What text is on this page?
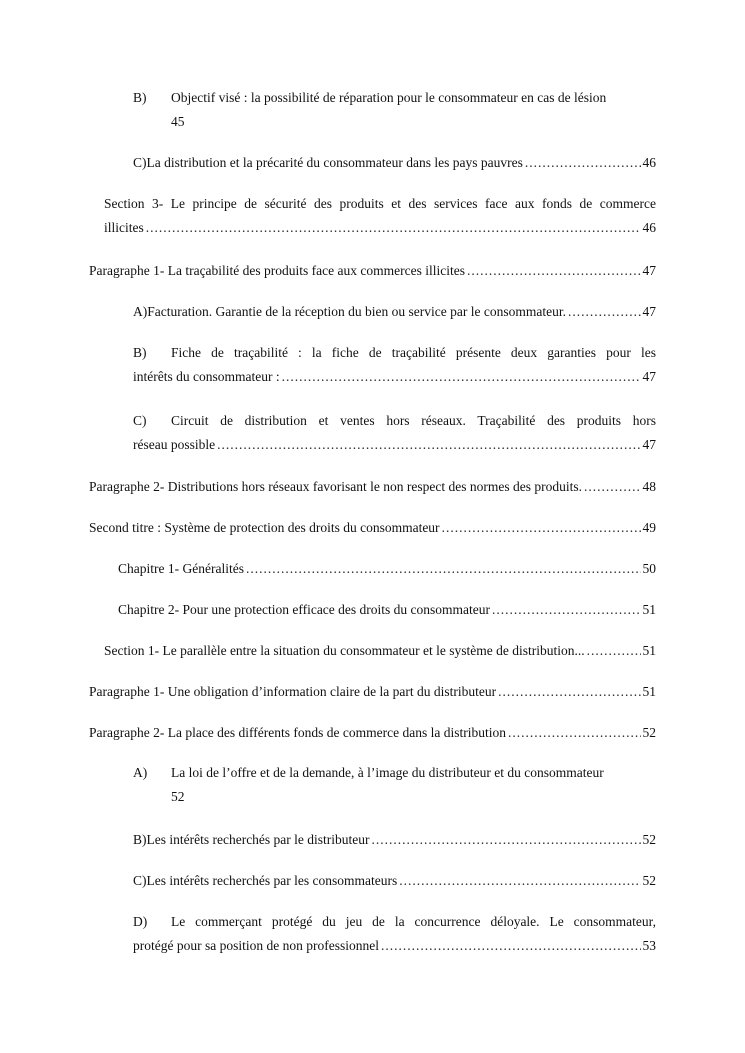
B)	Objectif visé : la possibilité de réparation pour le consommateur en cas de lésion
45
C) La distribution et la précarité du consommateur dans les pays pauvres .....	46
Section 3- Le principe de sécurité des produits et des services face aux fonds de commerce
illicites .....	46
Paragraphe 1- La traçabilité des produits face aux commerces illicites .....	47
A) Facturation. Garantie de la réception du bien ou service par le consommateur. .....	47
B)	Fiche de traçabilité : la fiche de traçabilité présente deux garanties pour les
intérêts du consommateur : .....	47
C)	Circuit de distribution et ventes hors réseaux. Traçabilité des produits hors
réseau possible .....	47
Paragraphe 2- Distributions hors réseaux favorisant le non respect des normes des produits. .....	48
Second titre : Système de protection des droits du consommateur .....	49
Chapitre 1- Généralités .....	50
Chapitre 2- Pour une protection efficace des droits du consommateur .....	51
Section 1- Le parallèle entre la situation du consommateur et le système de distribution... .....	51
Paragraphe 1- Une obligation d’information claire de la part du distributeur .....	51
Paragraphe 2- La place des différents fonds de commerce dans la distribution .....	52
A)	La loi de l’offre et de la demande, à l’image du distributeur et du consommateur
52
B) Les intérêts recherchés par le distributeur .....	52
C) Les intérêts recherchés par les consommateurs .....	52
D)	Le commerçant protégé du jeu de la concurrence déloyale. Le consommateur,
protégé pour sa position de non professionnel .....	53
